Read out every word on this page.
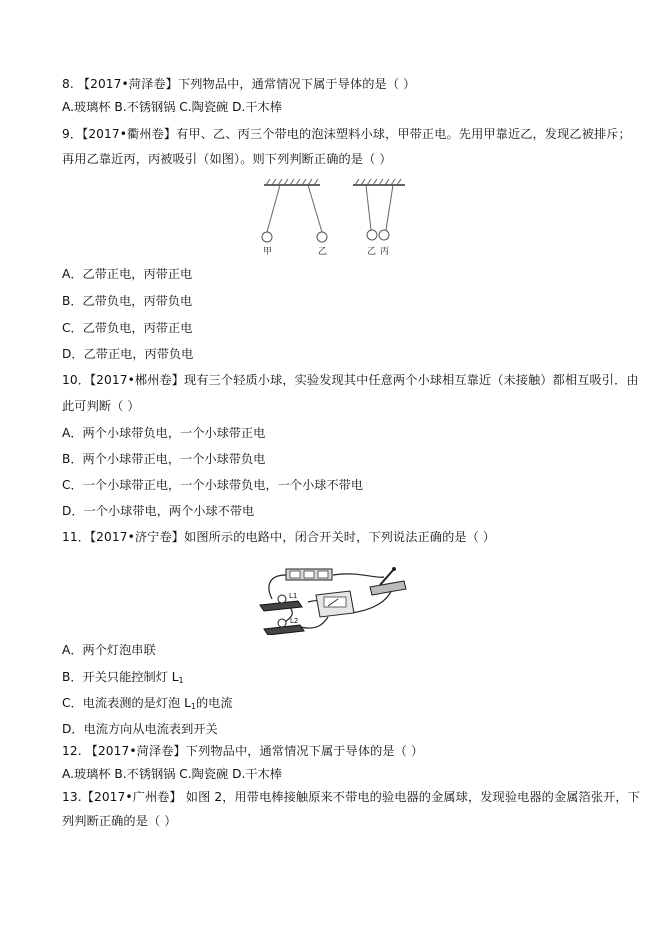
8. 【2017•菏泽卷】下列物品中，通常情况下属于导体的是（ ）
A.玻璃杯 B.不锈钢锅 C.陶瓷碗 D.干木棒
9．【2017•衢州卷】有甲、乙、丙三个带电的泡沫塑料小球，甲带正电。先用甲靠近乙，发现乙被排斥；
再用乙靠近丙，丙被吸引（如图）。则下列判断正确的是（ ）
甲	乙	乙 丙
A．乙带正电，丙带正电
B．乙带负电，丙带负电
C．乙带负电，丙带正电
D．乙带正电，丙带负电
10．【2017•郴州卷】现有三个轻质小球，实验发现其中任意两个小球相互靠近（未接触）都相互吸引．由
此可判断（ ）
A．两个小球带负电，一个小球带正电
B．两个小球带正电，一个小球带负电
C．一个小球带正电，一个小球带负电，一个小球不带电
D．一个小球带电，两个小球不带电
11．【2017•济宁卷】如图所示的电路中，闭合开关时，下列说法正确的是（ ）
L1
L2
A．两个灯泡串联
B．开关只能控制灯 $L_1$
C．电流表测的是灯泡 $L_1$的电流
D．电流方向从电流表到开关
12. 【2017•菏泽卷】下列物品中，通常情况下属于导体的是（ ）
A.玻璃杯 B.不锈钢锅 C.陶瓷碗 D.干木棒
13.【2017•广州卷】 如图 2，用带电棒接触原来不带电的验电器的金属球，发现验电器的金属箔张开，下
列判断正确的是（ ）
